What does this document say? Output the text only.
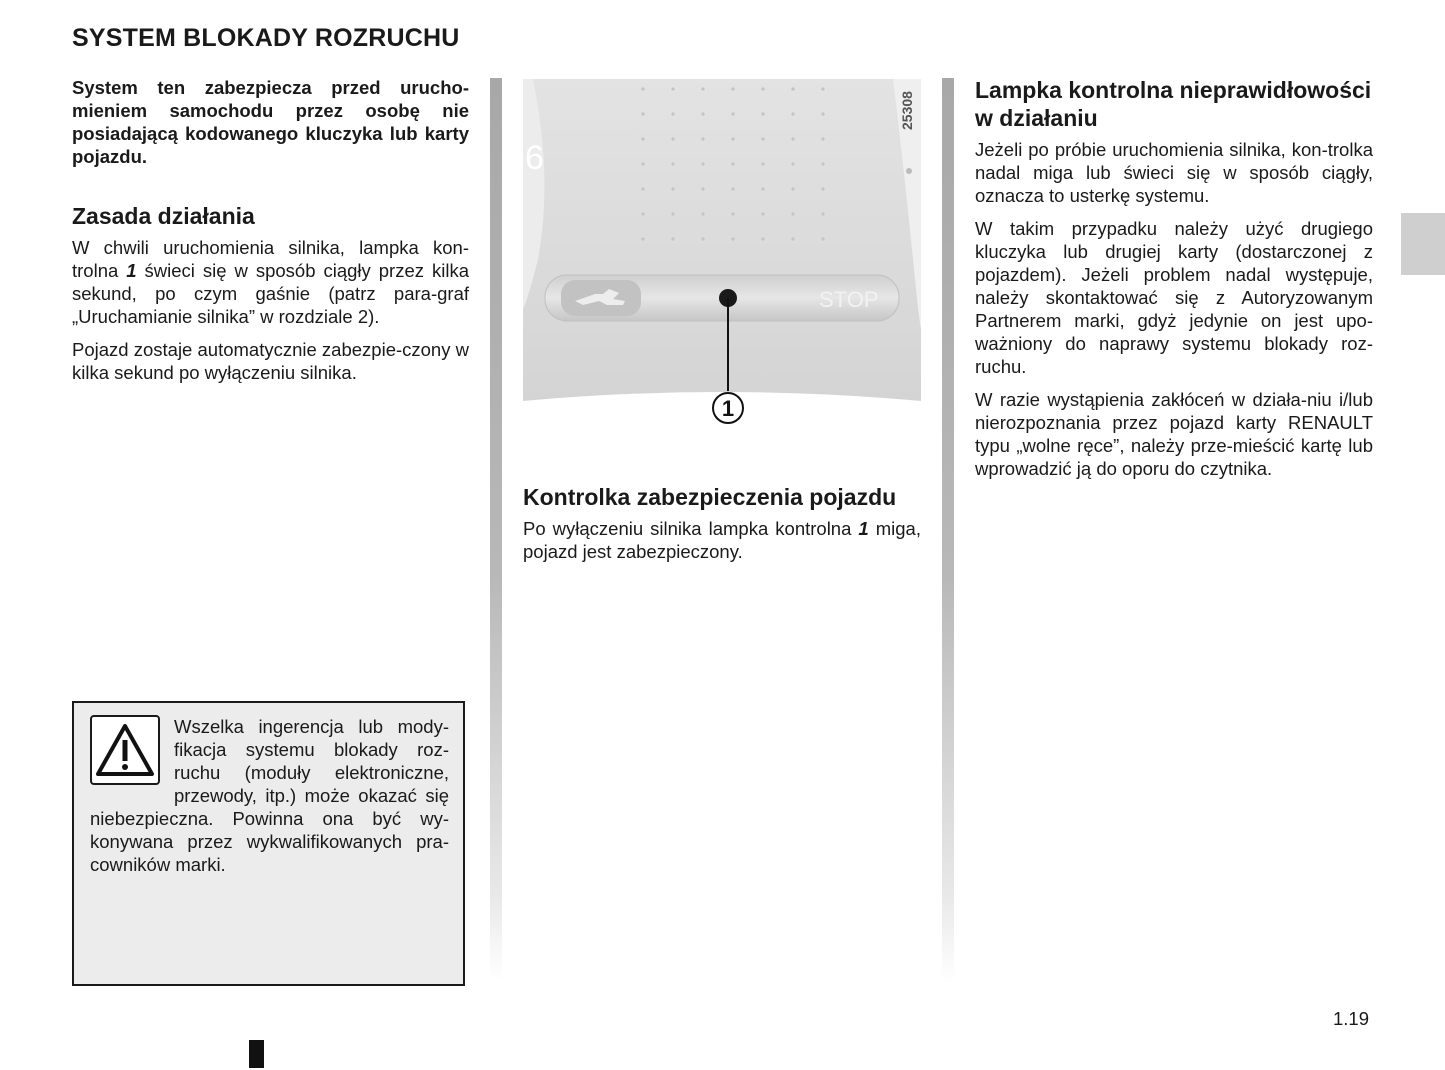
SYSTEM BLOKADY ROZRUCHU

System ten zabezpiecza przed urucho-mieniem samochodu przez osobę nie posiadającą kodowanego kluczyka lub karty pojazdu.

Zasada działania

W chwili uruchomienia silnika, lampka kon-trolna 1 świeci się w sposób ciągły przez kilka sekund, po czym gaśnie (patrz para-graf „Uruchamianie silnika” w rozdziale 2).

Pojazd zostaje automatycznie zabezpie-czony w kilka sekund po wyłączeniu silnika.

Wszelka ingerencja lub mody-fikacja systemu blokady roz-ruchu (moduły elektroniczne, przewody, itp.) może okazać się niebezpieczna. Powinna ona być wy-konywana przez wykwalifikowanych pra-cowników marki.

6
STOP
1
25308
Kontrolka zabezpieczenia pojazdu

Po wyłączeniu silnika lampka kontrolna 1 miga, pojazd jest zabezpieczony.

Lampka kontrolna nieprawidłowości w działaniu

Jeżeli po próbie uruchomienia silnika, kon-trolka nadal miga lub świeci się w sposób ciągły, oznacza to usterkę systemu.

W takim przypadku należy użyć drugiego kluczyka lub drugiej karty (dostarczonej z pojazdem). Jeżeli problem nadal występuje, należy skontaktować się z Autoryzowanym Partnerem marki, gdyż jedynie on jest upo-ważniony do naprawy systemu blokady roz-ruchu.

W razie wystąpienia zakłóceń w działa-niu i/lub nierozpoznania przez pojazd karty RENAULT typu „wolne ręce”, należy prze-mieścić kartę lub wprowadzić ją do oporu do czytnika.

1.19
